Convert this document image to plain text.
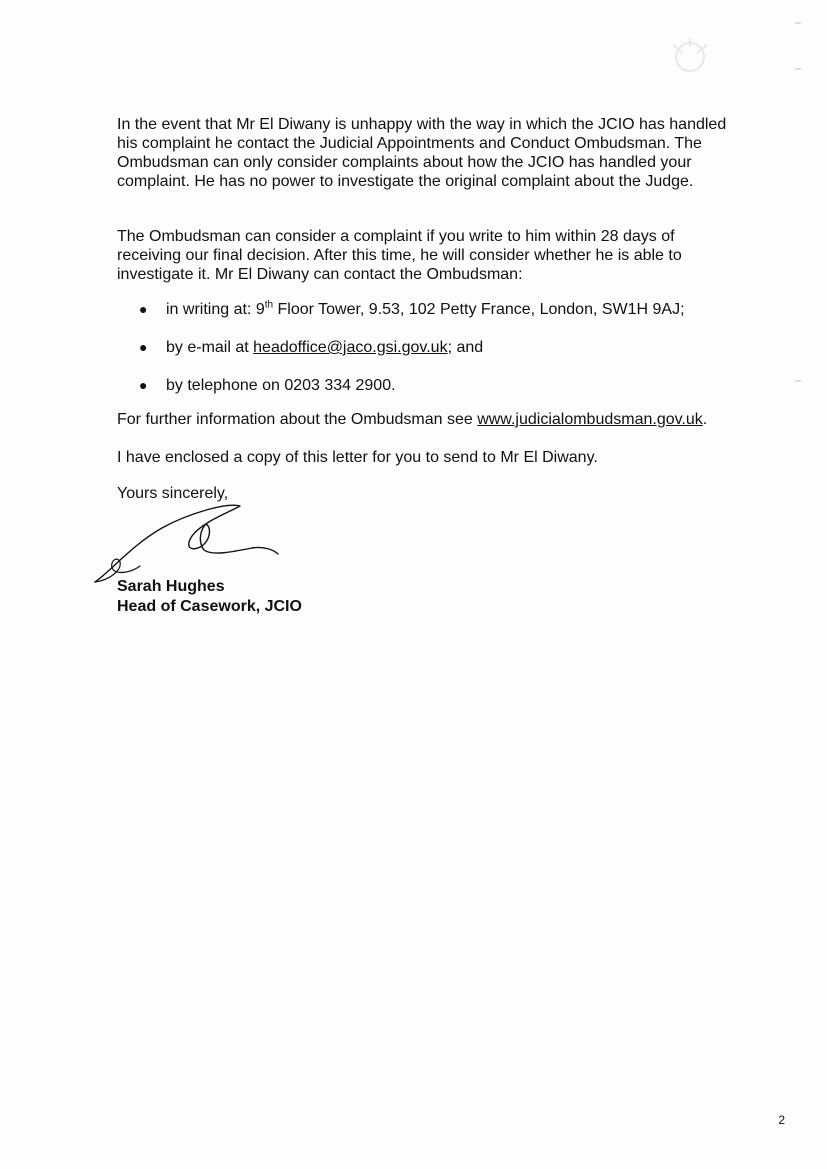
In the event that Mr El Diwany is unhappy with the way in which the JCIO has handled his complaint he contact the Judicial Appointments and Conduct Ombudsman. The Ombudsman can only consider complaints about how the JCIO has handled your complaint. He has no power to investigate the original complaint about the Judge.
The Ombudsman can consider a complaint if you write to him within 28 days of receiving our final decision. After this time, he will consider whether he is able to investigate it. Mr El Diwany can contact the Ombudsman:
● in writing at: 9th Floor Tower, 9.53, 102 Petty France, London, SW1H 9AJ;
● by e-mail at headoffice@jaco.gsi.gov.uk; and
● by telephone on 0203 334 2900.
For further information about the Ombudsman see www.judicialombudsman.gov.uk.
I have enclosed a copy of this letter for you to send to Mr El Diwany.
Yours sincerely,
Sarah Hughes
Head of Casework, JCIO
2
